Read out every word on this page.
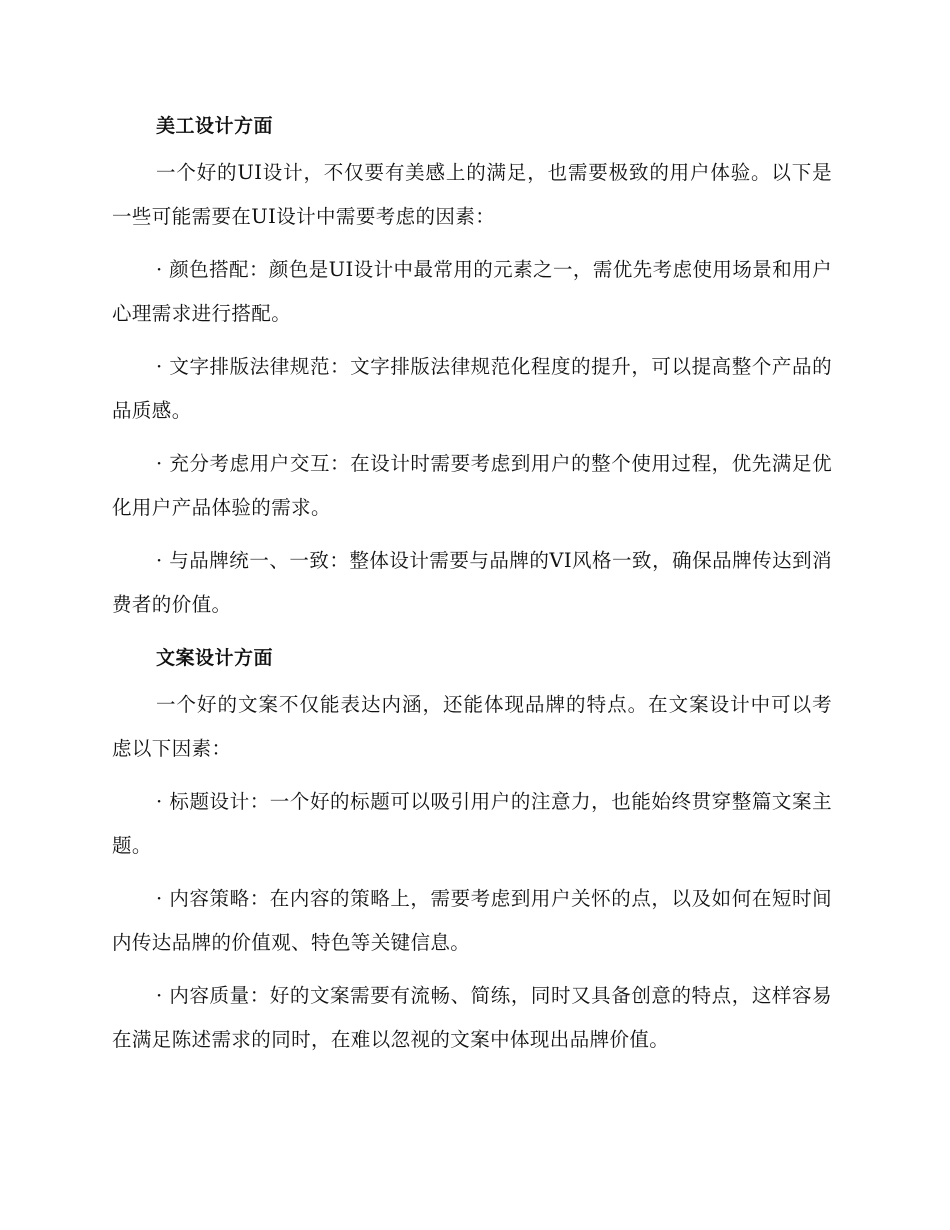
美工设计方面

一个好的UI设计，不仅要有美感上的满足，也需要极致的用户体验。以下是一些可能需要在UI设计中需要考虑的因素：

· 颜色搭配：颜色是UI设计中最常用的元素之一，需优先考虑使用场景和用户心理需求进行搭配。

· 文字排版法律规范：文字排版法律规范化程度的提升，可以提高整个产品的品质感。

· 充分考虑用户交互：在设计时需要考虑到用户的整个使用过程，优先满足优化用户产品体验的需求。

· 与品牌统一、一致：整体设计需要与品牌的VI风格一致，确保品牌传达到消费者的价值。

文案设计方面

一个好的文案不仅能表达内涵，还能体现品牌的特点。在文案设计中可以考虑以下因素：

· 标题设计：一个好的标题可以吸引用户的注意力，也能始终贯穿整篇文案主题。

· 内容策略：在内容的策略上，需要考虑到用户关怀的点，以及如何在短时间内传达品牌的价值观、特色等关键信息。

· 内容质量：好的文案需要有流畅、简练，同时又具备创意的特点，这样容易在满足陈述需求的同时，在难以忽视的文案中体现出品牌价值。
